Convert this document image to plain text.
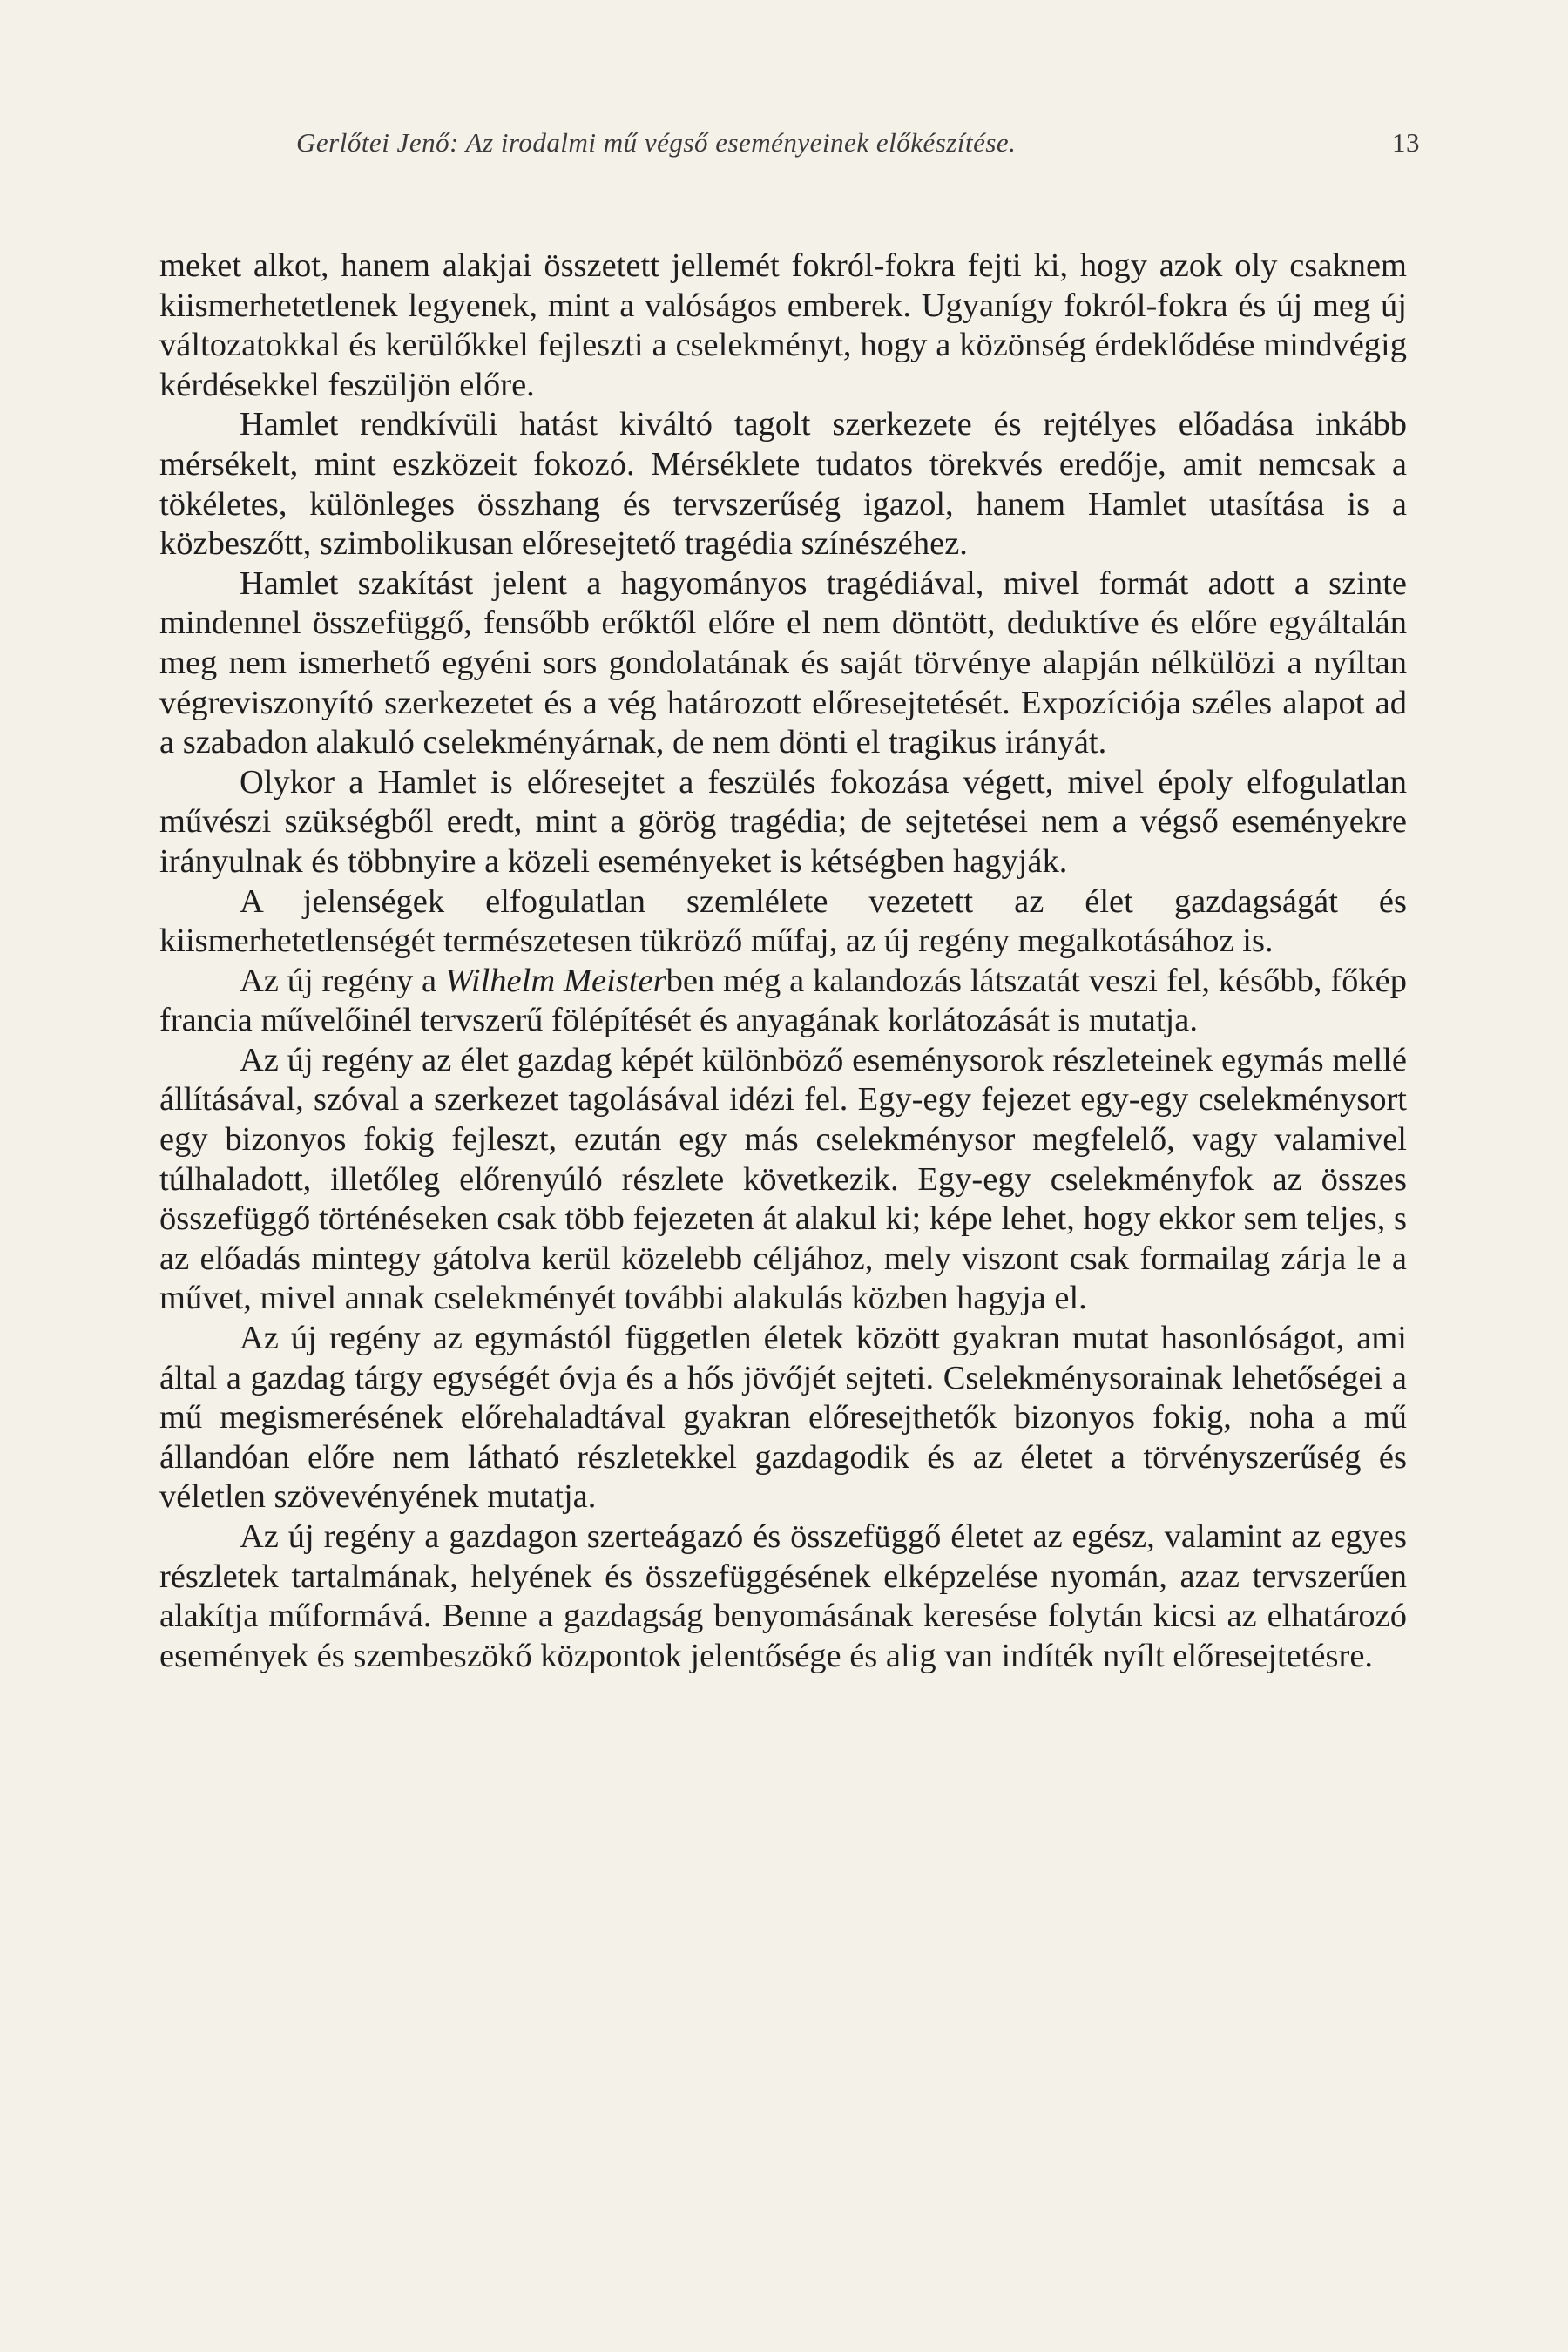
Gerlőtei Jenő: Az irodalmi mű végső eseményeinek előkészítése.	13

meket alkot, hanem alakjai összetett jellemét fokról-fokra fejti ki, hogy azok oly csaknem kiismerhetetlenek legyenek, mint a valóságos emberek. Ugyanígy fokról-fokra és új meg új változatokkal és kerülőkkel fejleszti a cselekményt, hogy a közönség érdeklődése mindvégig kérdésekkel feszüljön előre.

Hamlet rendkívüli hatást kiváltó tagolt szerkezete és rejtélyes előadása inkább mérsékelt, mint eszközeit fokozó. Mérséklete tudatos törekvés eredője, amit nemcsak a tökéletes, különleges összhang és tervszerűség igazol, hanem Hamlet utasítása is a közbeszőtt, szimbolikusan előresejtető tragédia színészéhez.

Hamlet szakítást jelent a hagyományos tragédiával, mivel formát adott a szinte mindennel összefüggő, fensőbb erőktől előre el nem döntött, deduktíve és előre egyáltalán meg nem ismerhető egyéni sors gondolatának és saját törvénye alapján nélkülözi a nyíltan végreviszonyító szerkezetet és a vég határozott előresejtetését. Expozíciója széles alapot ad a szabadon alakuló cselekményárnak, de nem dönti el tragikus irányát.

Olykor a Hamlet is előresejtet a feszülés fokozása végett, mivel époly elfogulatlan művészi szükségből eredt, mint a görög tragédia; de sejtetései nem a végső eseményekre irányulnak és többnyire a közeli eseményeket is kétségben hagyják.

A jelenségek elfogulatlan szemlélete vezetett az élet gazdagságát és kiismerhetetlenségét természetesen tükröző műfaj, az új regény megalkotásához is.

Az új regény a Wilhelm Meisterben még a kalandozás látszatát veszi fel, később, főkép francia művelőinél tervszerű fölépítését és anyagának korlátozását is mutatja.

Az új regény az élet gazdag képét különböző eseménysorok részleteinek egymás mellé állításával, szóval a szerkezet tagolásával idézi fel. Egy-egy fejezet egy-egy cselekménysort egy bizonyos fokig fejleszt, ezután egy más cselekménysor megfelelő, vagy valamivel túlhaladott, illetőleg előrenyúló részlete következik. Egy-egy cselekményfok az összes összefüggő történéseken csak több fejezeten át alakul ki; képe lehet, hogy ekkor sem teljes, s az előadás mintegy gátolva kerül közelebb céljához, mely viszont csak formailag zárja le a művet, mivel annak cselekményét további alakulás közben hagyja el.

Az új regény az egymástól független életek között gyakran mutat hasonlóságot, ami által a gazdag tárgy egységét óvja és a hős jövőjét sejteti. Cselekménysorainak lehetőségei a mű megismerésének előrehaladtával gyakran előresejthetők bizonyos fokig, noha a mű állandóan előre nem látható részletekkel gazdagodik és az életet a törvényszerűség és véletlen szövevényének mutatja.

Az új regény a gazdagon szerteágazó és összefüggő életet az egész, valamint az egyes részletek tartalmának, helyének és összefüggésének elképzelése nyomán, azaz tervszerűen alakítja műformává. Benne a gazdagság benyomásának keresése folytán kicsi az elhatározó események és szembeszökő központok jelentősége és alig van indíték nyílt előresejtetésre.
